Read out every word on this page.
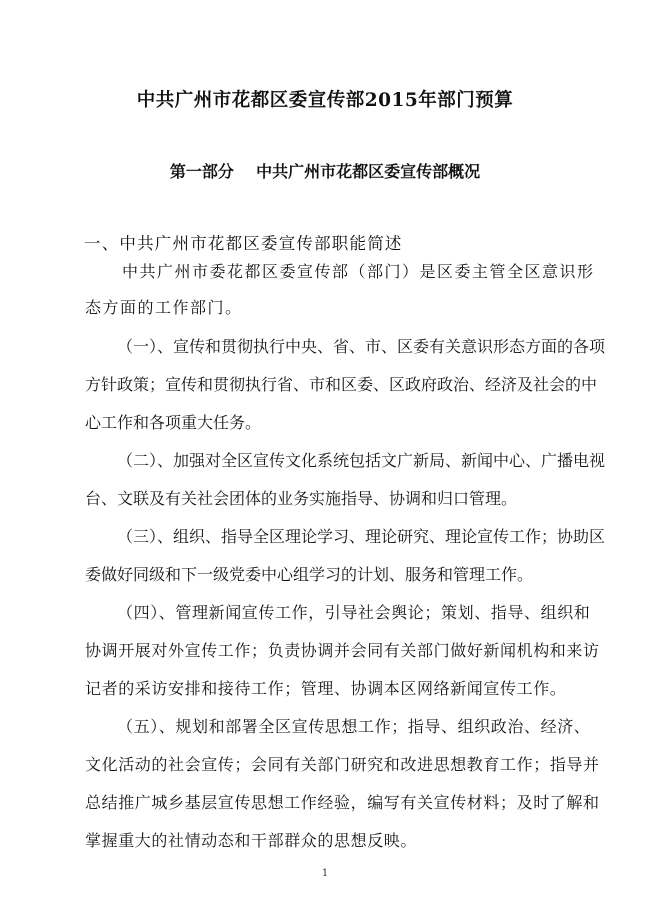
中共广州市花都区委宣传部2015年部门预算
第一部分    中共广州市花都区委宣传部概况
一、中共广州市花都区委宣传部职能简述

中共广州市委花都区委宣传部（部门）是区委主管全区意识形态方面的工作部门。

（一）、宣传和贯彻执行中央、省、市、区委有关意识形态方面的各项方针政策；宣传和贯彻执行省、市和区委、区政府政治、经济及社会的中心工作和各项重大任务。

（二）、加强对全区宣传文化系统包括文广新局、新闻中心、广播电视台、文联及有关社会团体的业务实施指导、协调和归口管理。

（三）、组织、指导全区理论学习、理论研究、理论宣传工作；协助区委做好同级和下一级党委中心组学习的计划、服务和管理工作。

（四）、管理新闻宣传工作，引导社会舆论；策划、指导、组织和协调开展对外宣传工作；负责协调并会同有关部门做好新闻机构和来访记者的采访安排和接待工作；管理、协调本区网络新闻宣传工作。

（五）、规划和部署全区宣传思想工作；指导、组织政治、经济、文化活动的社会宣传；会同有关部门研究和改进思想教育工作；指导并总结推广城乡基层宣传思想工作经验，编写有关宣传材料；及时了解和掌握重大的社情动态和干部群众的思想反映。

1
